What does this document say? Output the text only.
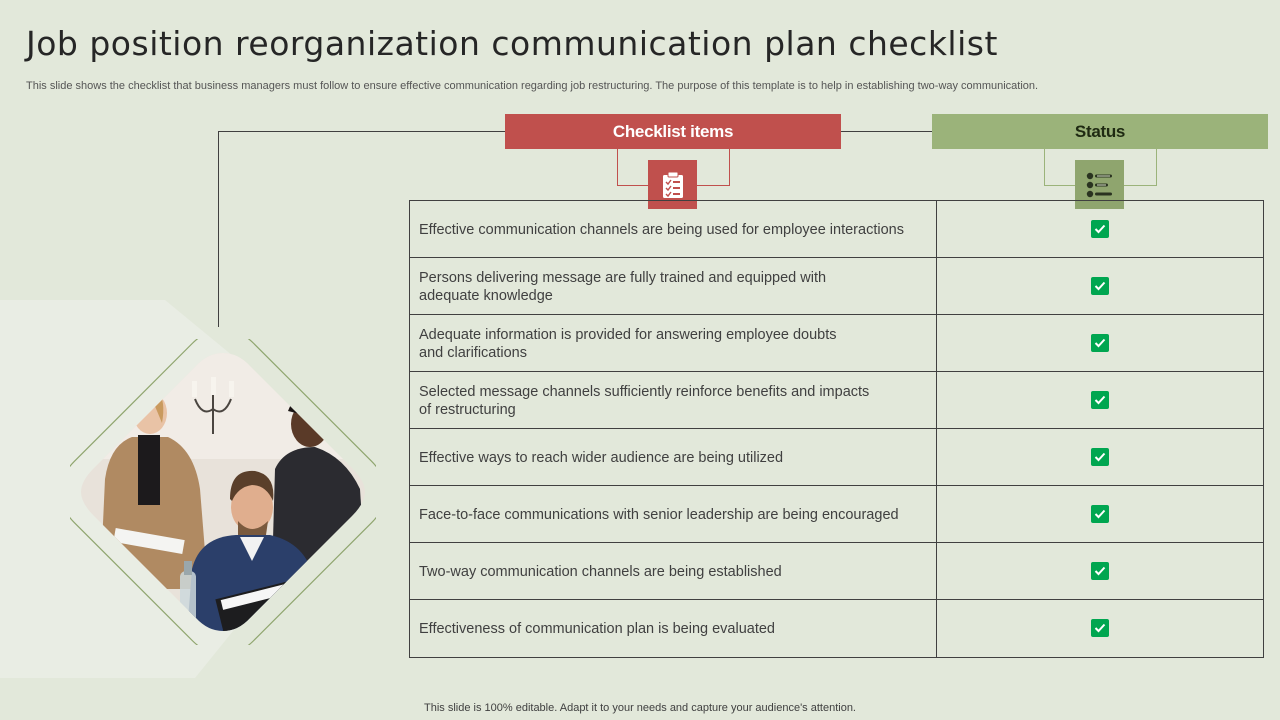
Job position reorganization communication plan checklist
This slide shows the checklist that business managers must follow to ensure effective communication regarding job restructuring. The purpose of this template is to help in establishing two-way communication.
Checklist items	Status
Effective communication channels are being used for employee interactions
Persons delivering message are fully trained and equipped with
adequate knowledge
Adequate information is provided for answering employee doubts
and clarifications
Selected message channels sufficiently reinforce benefits and impacts
of restructuring
Effective ways to reach wider audience are being utilized
Face-to-face communications with senior leadership are being encouraged
Two-way communication channels are being established
Effectiveness of communication plan is being evaluated
This slide is 100% editable. Adapt it to your needs and capture your audience's attention.
